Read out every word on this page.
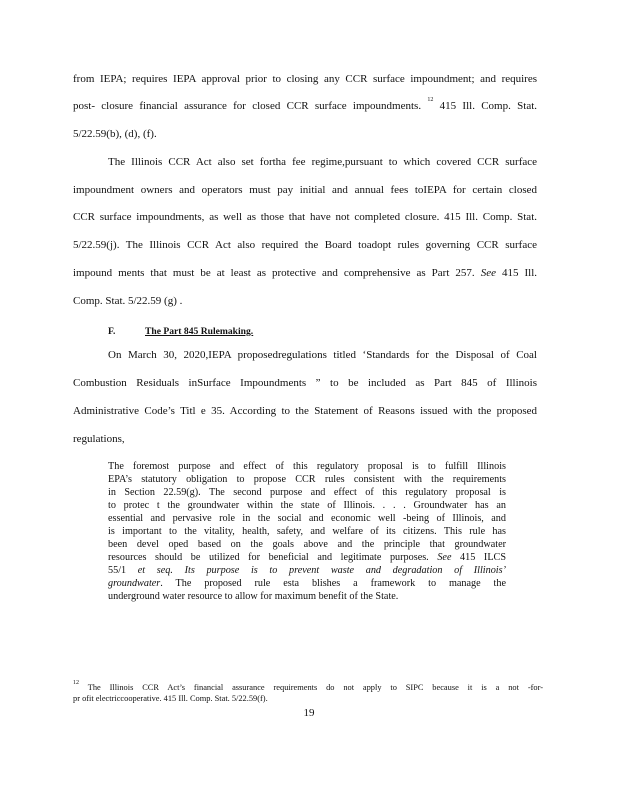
from IEPA; requires IEPA approval prior to closing any CCR surface impoundment; and requires
post- closure financial assurance for closed CCR surface impoundments. $^{12}$ 415 Ill. Comp. Stat.
5/22.59(b), (d), (f).
The Illinois CCR Act also set fortha fee regime,pursuant to which covered CCR surface
impoundment owners and operators must pay initial and annual fees toIEPA for certain closed
CCR surface impoundments, as well as those that have not completed closure. 415 Ill. Comp. Stat.
5/22.59(j). The Illinois CCR Act also required the Board toadopt rules governing CCR surface
impound ments that must be at least as protective and comprehensive as Part 257. See 415 Ill.
Comp. Stat. 5/22.59 (g) .
F.	The Part 845 Rulemaking.
On March 30, 2020,IEPA proposedregulations titled ‘Standards for the Disposal of Coal
Combustion Residuals inSurface Impoundments ” to be included as Part 845 of Illinois
Administrative Code’s Titl e 35. According to the Statement of Reasons issued with the proposed
regulations,
The foremost purpose and effect of this regulatory proposal is to fulfill Illinois
EPA’s statutory obligation to propose CCR rules consistent with the requirements
in Section 22.59(g). The second purpose and effect of this regulatory proposal is
to protec t the groundwater within the state of Illinois. . . . Groundwater has an
essential and pervasive role in the social and economic well -being of Illinois, and
is important to the vitality, health, safety, and welfare of its citizens. This rule has
been devel oped based on the goals above and the principle that groundwater
resources should be utilized for beneficial and legitimate purposes. See 415 ILCS
55/1 et seq. Its purpose is to prevent waste and degradation of Illinois’
groundwater. The proposed rule esta blishes a framework to manage the
underground water resource to allow for maximum benefit of the State.
$^{12}$ The Illinois CCR Act’s financial assurance requirements do not apply to SIPC because it is a not -for-
pr ofit electriccooperative. 415 Ill. Comp. Stat. 5/22.59(f).
19
